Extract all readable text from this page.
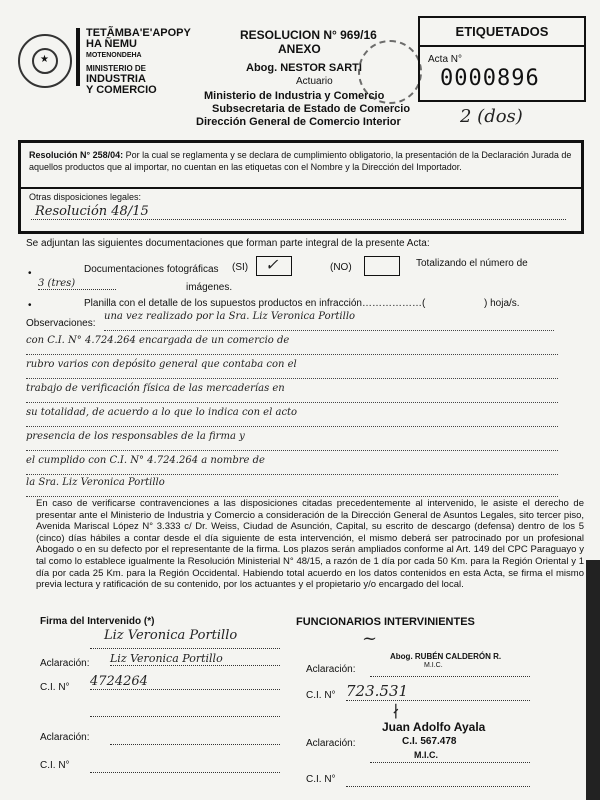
★
TETÃMBA'E'APOPY
HA ÑEMU
MOTENONDEHA
MINISTERIO DE
INDUSTRIA
Y COMERCIO
RESOLUCION N° 969/16
ANEXO
Abog. NESTOR SARTI
Actuario
Ministerio de Industria y Comercio
Subsecretaria de Estado de Comercio
Dirección General de Comercio Interior
ETIQUETADOS
Acta N°
0000896
2 (dos)
Resolución N° 258/04: Por la cual se reglamenta y se declara de cumplimiento obligatorio, la presentación de la Declaración Jurada de aquellos productos que al importar, no cuentan en las etiquetas con el Nombre y la Dirección del Importador.
Otras disposiciones legales:
Resolución 48/15
Se adjuntan las siguientes documentaciones que forman parte integral de la presente Acta:
•	Documentaciones fotográficas (SI) ✓	(NO)	Totalizando el número de
3 (tres)	imágenes.
•	Planilla con el detalle de los supuestos productos en infracción………………(	) hoja/s.
Observaciones:
una vez realizado por la Sra. Liz Veronica Portillo
con C.I. N° 4.724.264 encargada de un comercio de
rubro varios con depósito general que contaba con el
trabajo de verificación física de las mercaderías en
su totalidad, de acuerdo a lo que lo indica con el acto
presencia de los responsables de la firma y
el cumplido con C.I. N° 4.724.264 a nombre de
la Sra. Liz Veronica Portillo
En caso de verificarse contravenciones a las disposiciones citadas precedentemente al intervenido, le asiste el derecho de presentar ante el Ministerio de Industria y Comercio a consideración de la Dirección General de Asuntos Legales, sito tercer piso, Avenida Mariscal López N° 3.333 c/ Dr. Weiss, Ciudad de Asunción, Capital, su escrito de descargo (defensa) dentro de los 5 (cinco) días hábiles a contar desde el día siguiente de esta intervención, el mismo deberá ser patrocinado por un profesional Abogado o en su defecto por el representante de la firma. Los plazos serán ampliados conforme al Art. 149 del CPC Paraguayo y tal como lo establece igualmente la Resolución Ministerial N° 48/15, a razón de 1 día por cada 50 Km. para la Región Oriental y 1 día por cada 25 Km. para la Región Occidental. Habiendo total acuerdo en los datos contenidos en esta Acta, se firma el mismo previa lectura y ratificación de su contenido, por los actuantes y el propietario y/o encargado del local.
Firma del Intervenido (*)
Liz Veronica Portillo
Aclaración: Liz Veronica Portillo
C.I. N° 4724264
Aclaración:
C.I. N°
FUNCIONARIOS INTERVINIENTES
~
Abog. RUBÉN CALDERÓN R.
M.I.C.
Aclaración:
C.I. N° 723.531
∤
Juan Adolfo Ayala
C.I. 567.478
Aclaración:
M.I.C.
C.I. N°
